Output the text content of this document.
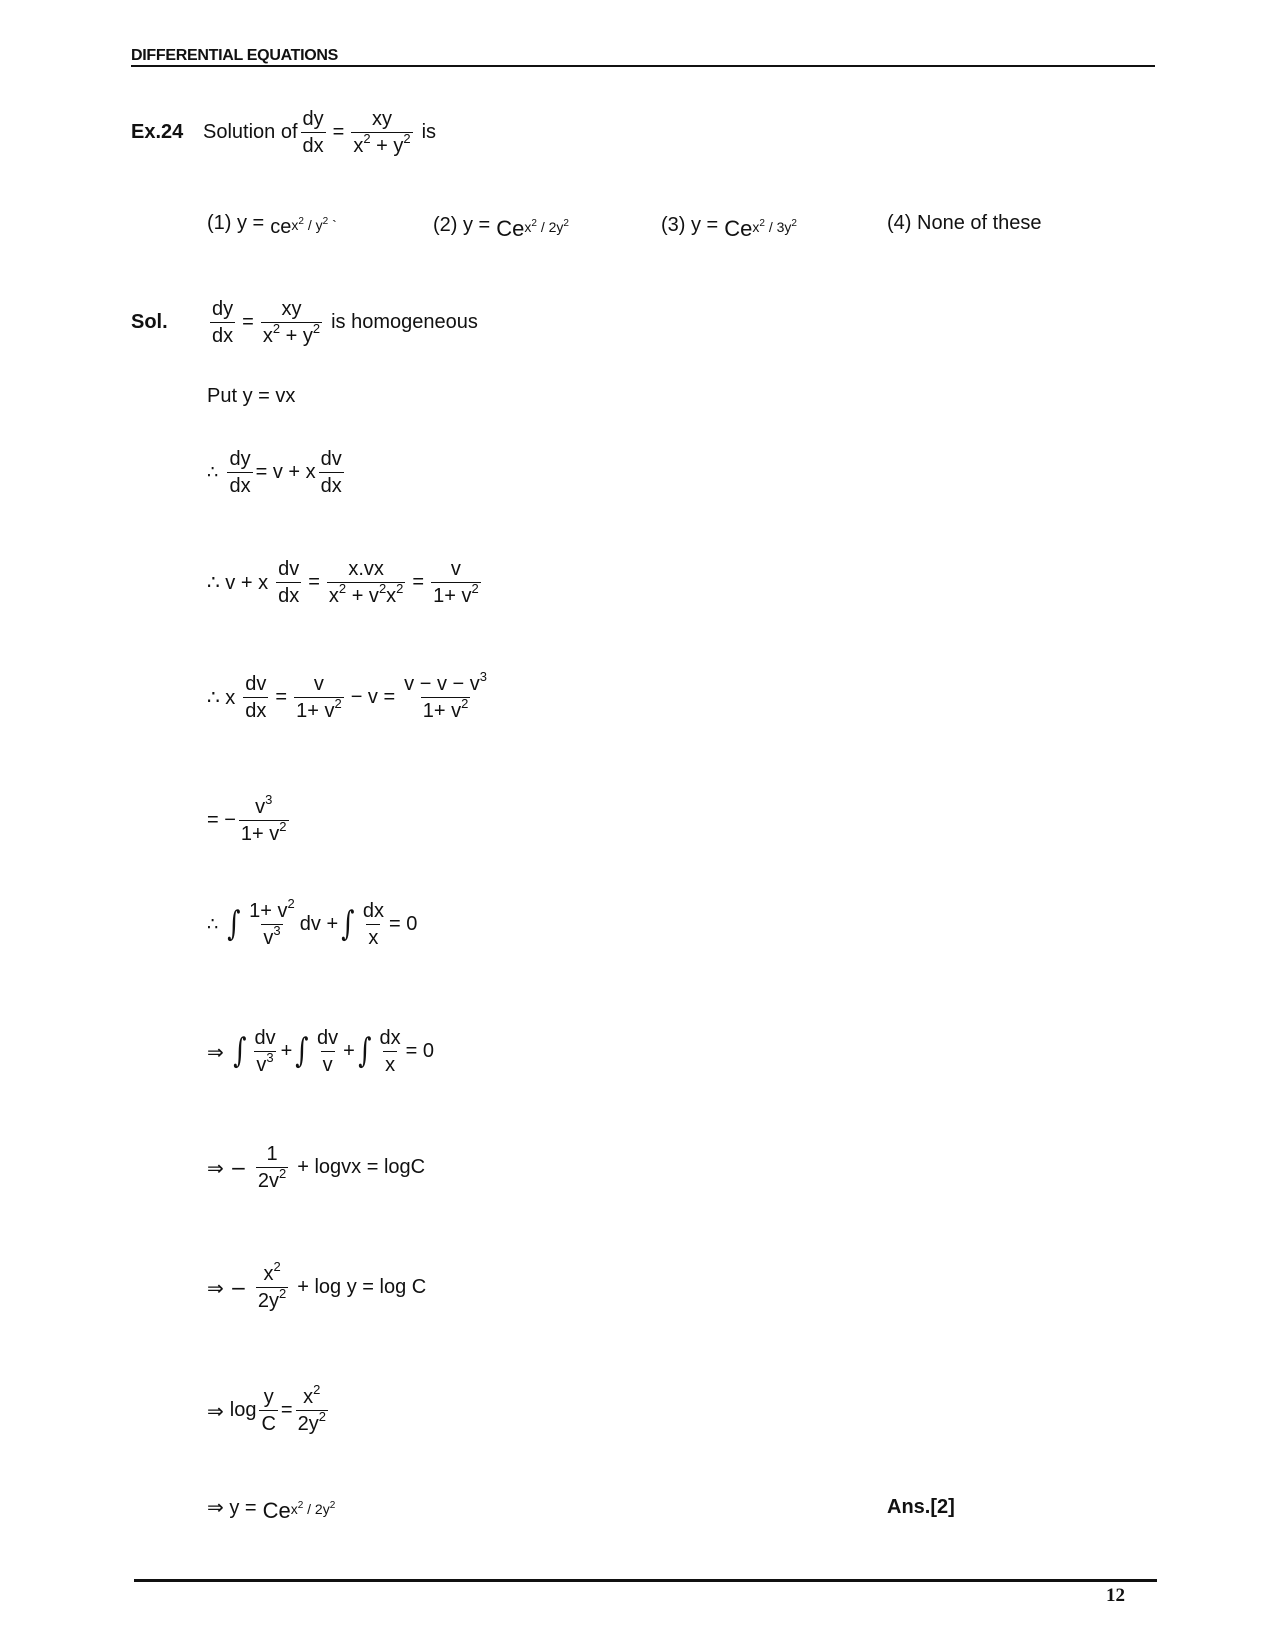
DIFFERENTIAL EQUATIONS
Ex.24 Solution of $\frac{dy}{dx} = \frac{xy}{x^2 + y^2}$ is
(1) y = ce $x^2 / y^2$ `	(2) y = Ce $x^2 / 2y^2$	(3) y = Ce $x^2 / 3y^2$	(4) None of these
Sol.	$\frac{dy}{dx} = \frac{xy}{x^2 + y^2}$ is homogeneous
Put y = vx
∴ $\frac{dy}{dx} = v + x \frac{dv}{dx}$
∴ v + x $\frac{dv}{dx} = \frac{x.vx}{x^2 + v^2x^2} = \frac{v}{1+ v^2}$
∴ x $\frac{dv}{dx} = \frac{v}{1+ v^2} - v = \frac{v - v - v^3}{1+ v^2}$
= − $\frac{v^3}{1+ v^2}$
∴ ∫ $\frac{1+ v^2}{v^3}$ dv + ∫ $\frac{dx}{x} = 0$
⇒ ∫ $\frac{dv}{v^3}$ + ∫ $\frac{dv}{v}$ + ∫ $\frac{dx}{x} = 0$
⇒ − $\frac{1}{2v^2}$ + logvx = logC
⇒ − $\frac{x^2}{2y^2} + \log y = \log C$
⇒ $\log \frac{y}{C} = \frac{x^2}{2y^2}$
⇒ y = Ce $x^2 / 2y^2$	Ans.[2]
12
